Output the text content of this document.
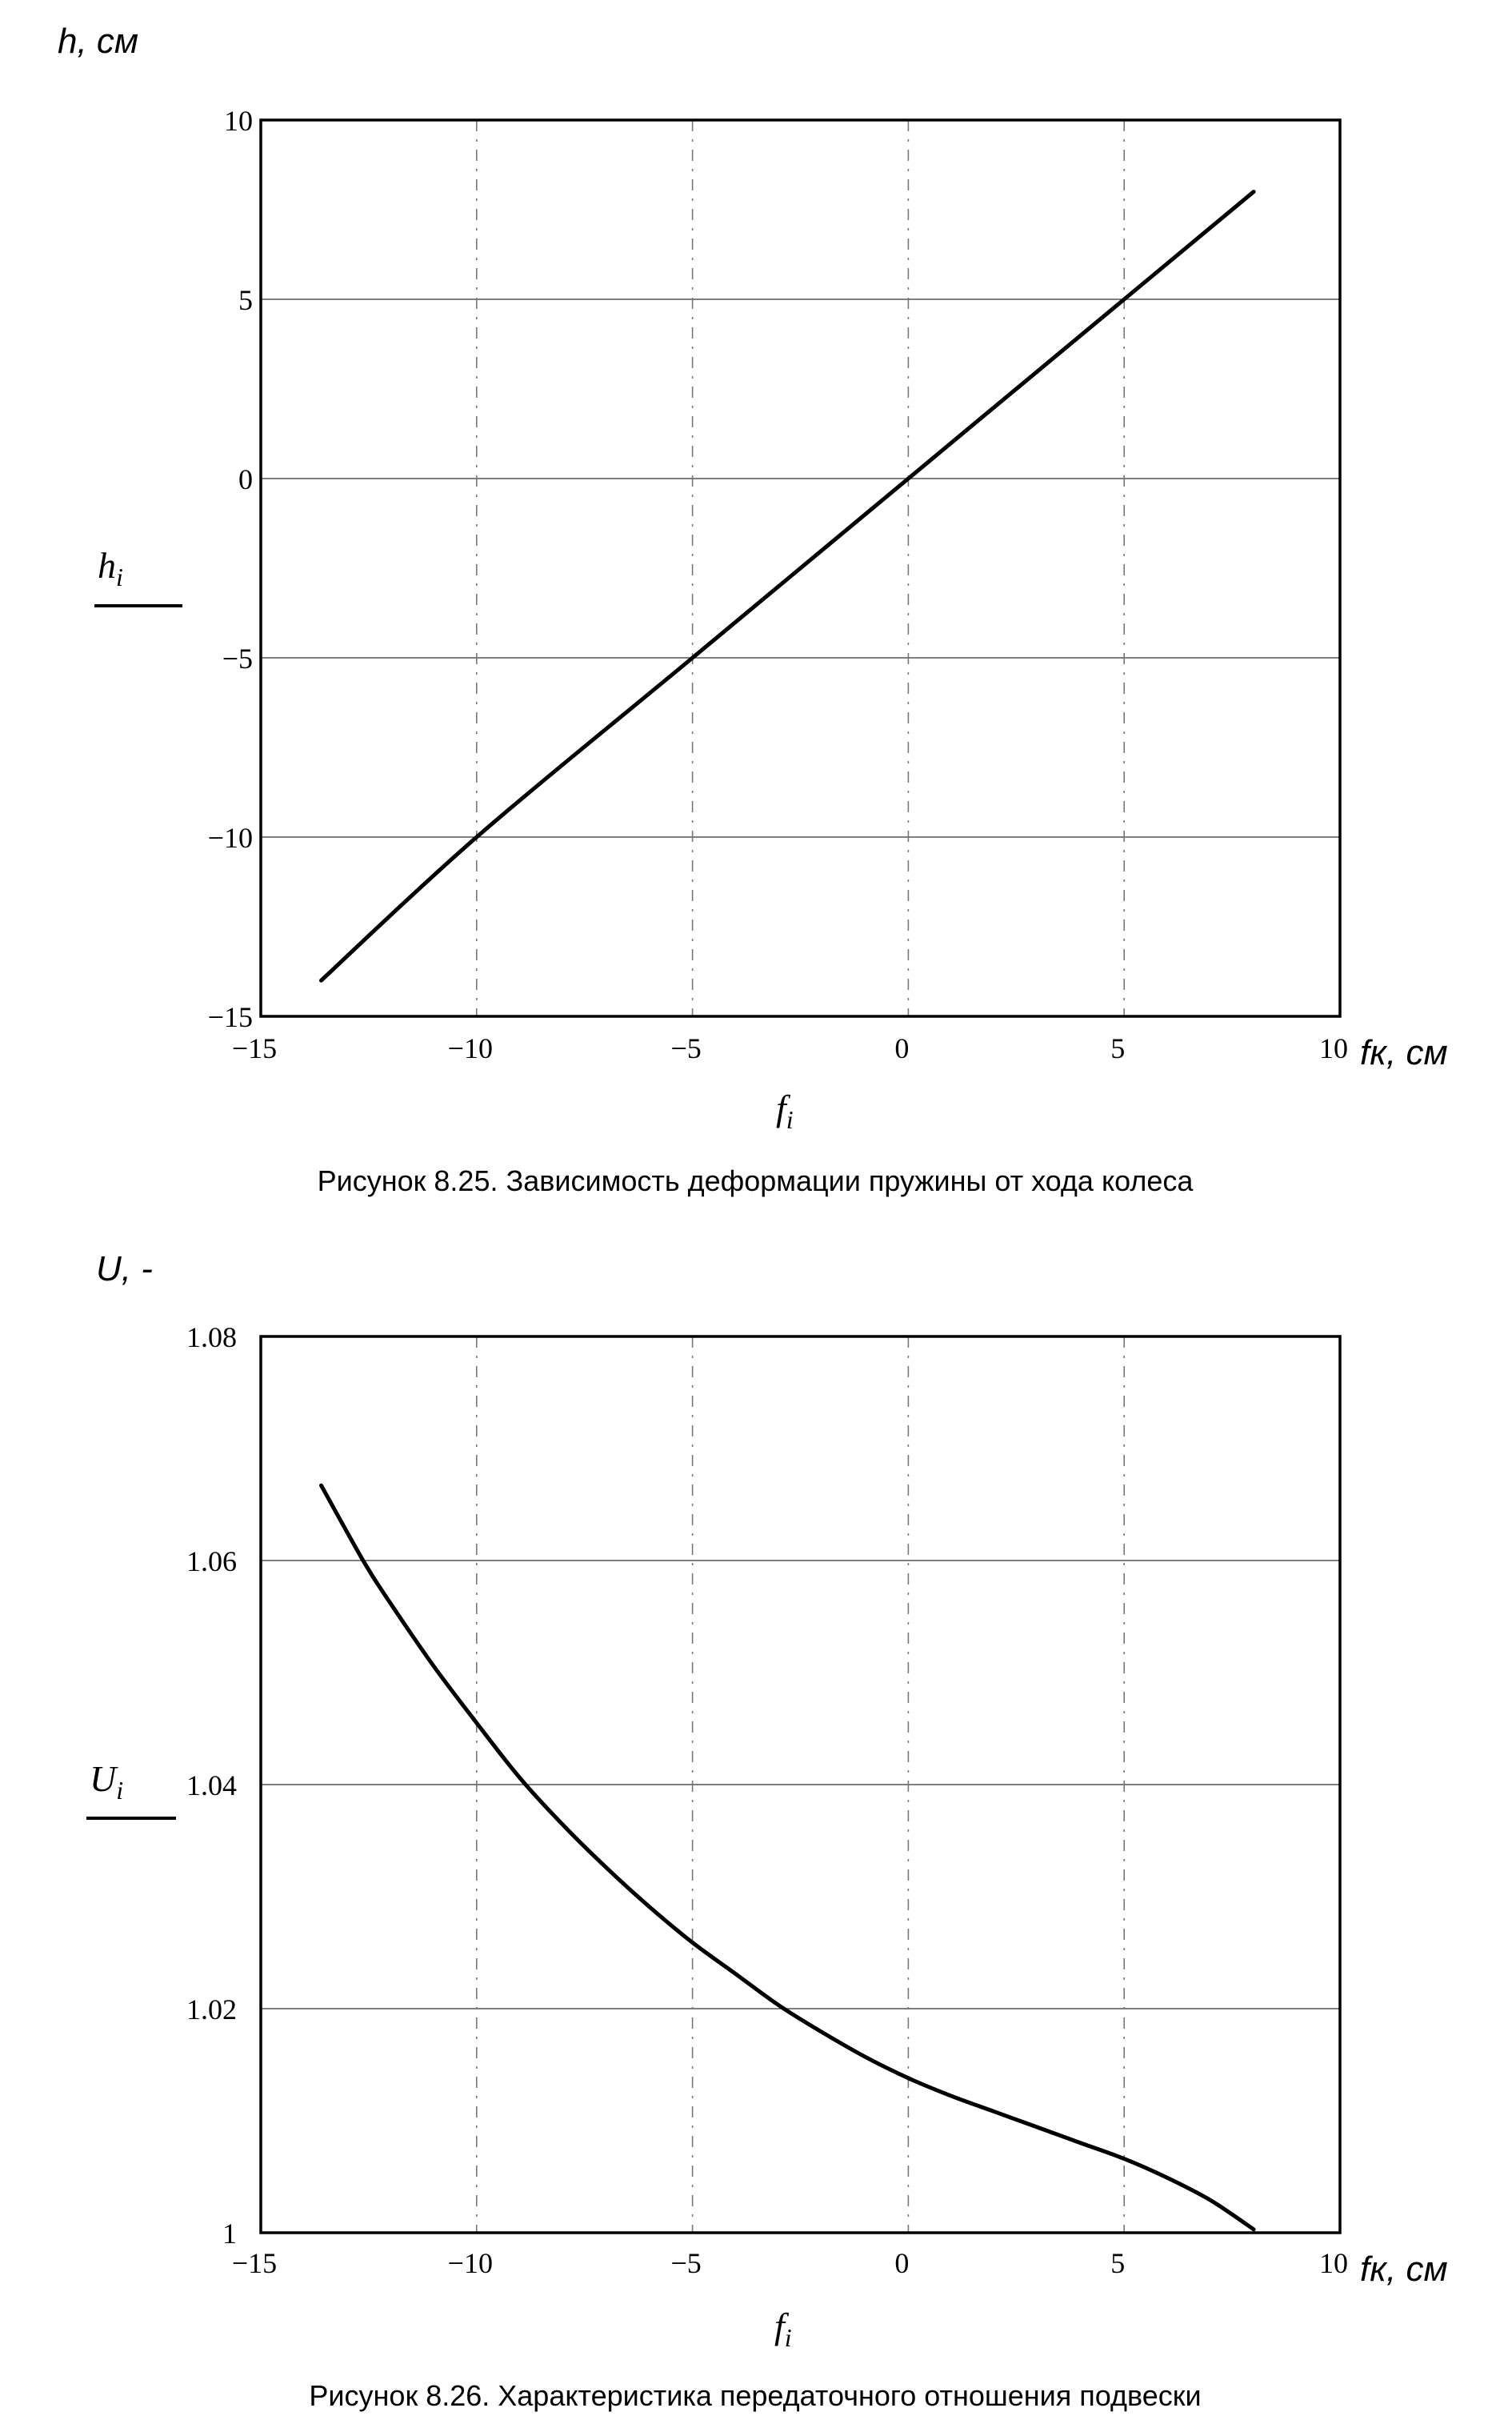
h, см
10
5
0
−5
−10
−15
−15	−10	−5	0	5	10
$h_i$
fк, см
$f_i$
Рисунок 8.25. Зависимость деформации пружины от хода колеса
U, -
1.08
1.06
1.04
1.02
1
−15	−10	−5	0	5	10
$U_i$
fк, см
$f_i$
Рисунок 8.26. Характеристика передаточного отношения подвески
